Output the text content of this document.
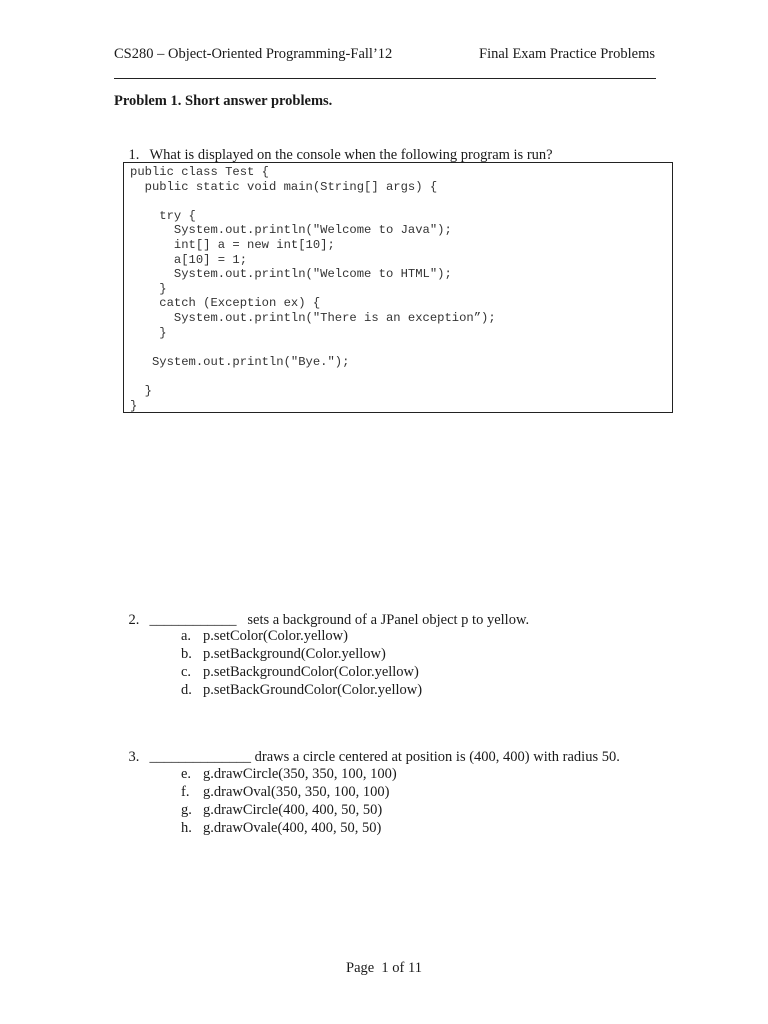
CS280 – Object-Oriented Programming-Fall’12	Final Exam Practice Problems
Problem 1. Short answer problems.

1. What is displayed on the console when the following program is run?

public class Test {
public static void main(String[] args) {
try {
System.out.println("Welcome to Java");
int[] a = new int[10];
a[10] = 1;
System.out.println("Welcome to HTML");
}
catch (Exception ex) {
System.out.println("There is an exception”);
}
System.out.println("Bye.");
}
}

2. ____________   sets a background of a JPanel object p to yellow.

a. p.setColor(Color.yellow)
b. p.setBackground(Color.yellow)
c. p.setBackgroundColor(Color.yellow)
d. p.setBackGroundColor(Color.yellow)

3. ______________ draws a circle centered at position is (400, 400) with radius 50.

e. g.drawCircle(350, 350, 100, 100)
f. g.drawOval(350, 350, 100, 100)
g. g.drawCircle(400, 400, 50, 50)
h. g.drawOvale(400, 400, 50, 50)
Page  1 of 11
